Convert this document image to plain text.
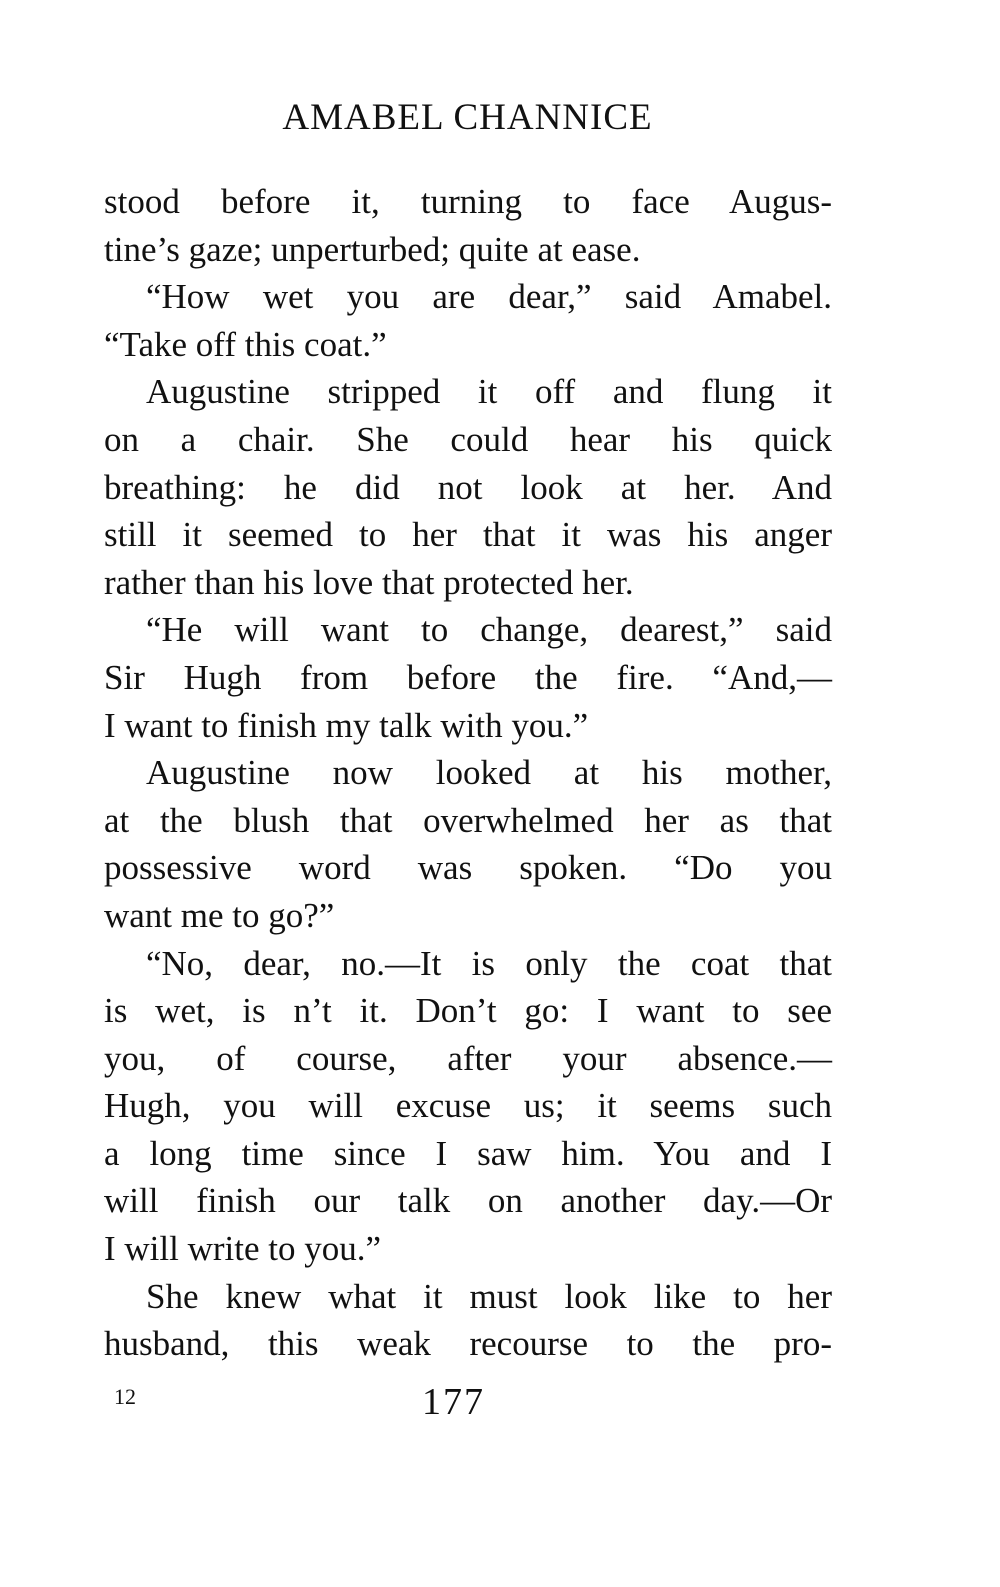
AMABEL CHANNICE
stood before it, turning to face Augus-
tine’s gaze; unperturbed; quite at ease.
“How wet you are dear,” said Amabel.
“Take off this coat.”
Augustine stripped it off and flung it
on a chair. She could hear his quick
breathing: he did not look at her. And
still it seemed to her that it was his anger
rather than his love that protected her.
“He will want to change, dearest,” said
Sir Hugh from before the fire. “And,—
I want to finish my talk with you.”
Augustine now looked at his mother,
at the blush that overwhelmed her as that
possessive word was spoken. “Do you
want me to go?”
“No, dear, no.—It is only the coat that
is wet, is n’t it. Don’t go: I want to see
you, of course, after your absence.—
Hugh, you will excuse us; it seems such
a long time since I saw him. You and I
will finish our talk on another day.—Or
I will write to you.”
She knew what it must look like to her
husband, this weak recourse to the pro-
12	177
